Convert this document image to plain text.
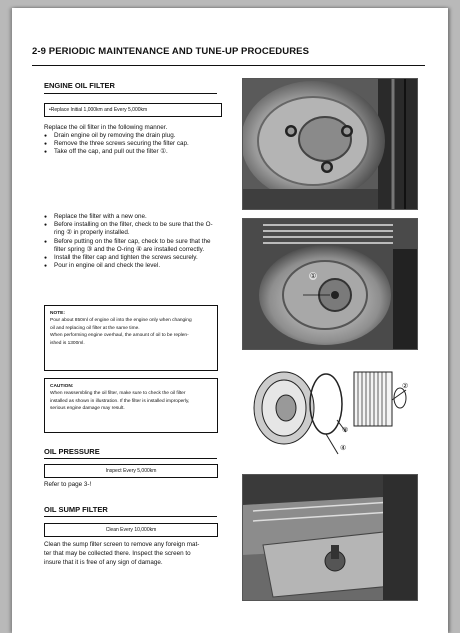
2-9 PERIODIC MAINTENANCE AND TUNE-UP PROCEDURES
ENGINE OIL FILTER
•Replace Initial 1,000km and Every 5,000km
Replace the oil filter in the following manner.
● Drain engine oil by removing the drain plug.
● Remove the three screws securing the filter cap.
● Take off the cap, and pull out the filter ①.
● Replace the filter with a new one.
● Before installing on the filter, check to be sure that the O-ring ② in properly installed.
● Before putting on the filter cap, check to be sure that the filter spring ③ and the O-ring ④ are installed correctly.
● Install the filter cap and tighten the screws securely.
● Pour in engine oil and check the level.
NOTE:
Pour about 850ml of engine oil into the engine only when changing
oil and replacing oil filter at the same time.
When performing engine overhaul, the amount of oil to be replen-
ished is 1300ml.
CAUTION:
When reassembling the oil filter, make sure to check the oil filter
installed as shown in illustration. If the filter is installed improperly,
serious engine damage may result.
OIL PRESSURE
Inspect Every 5,000km
Refer to page 3-!
OIL SUMP FILTER
Clean Every 10,000km
Clean the sump filter screen to remove any foreign mat-
ter that may be collected there. Inspect the screen to
insure that it is free of any sign of damage.
①
③
④
②
